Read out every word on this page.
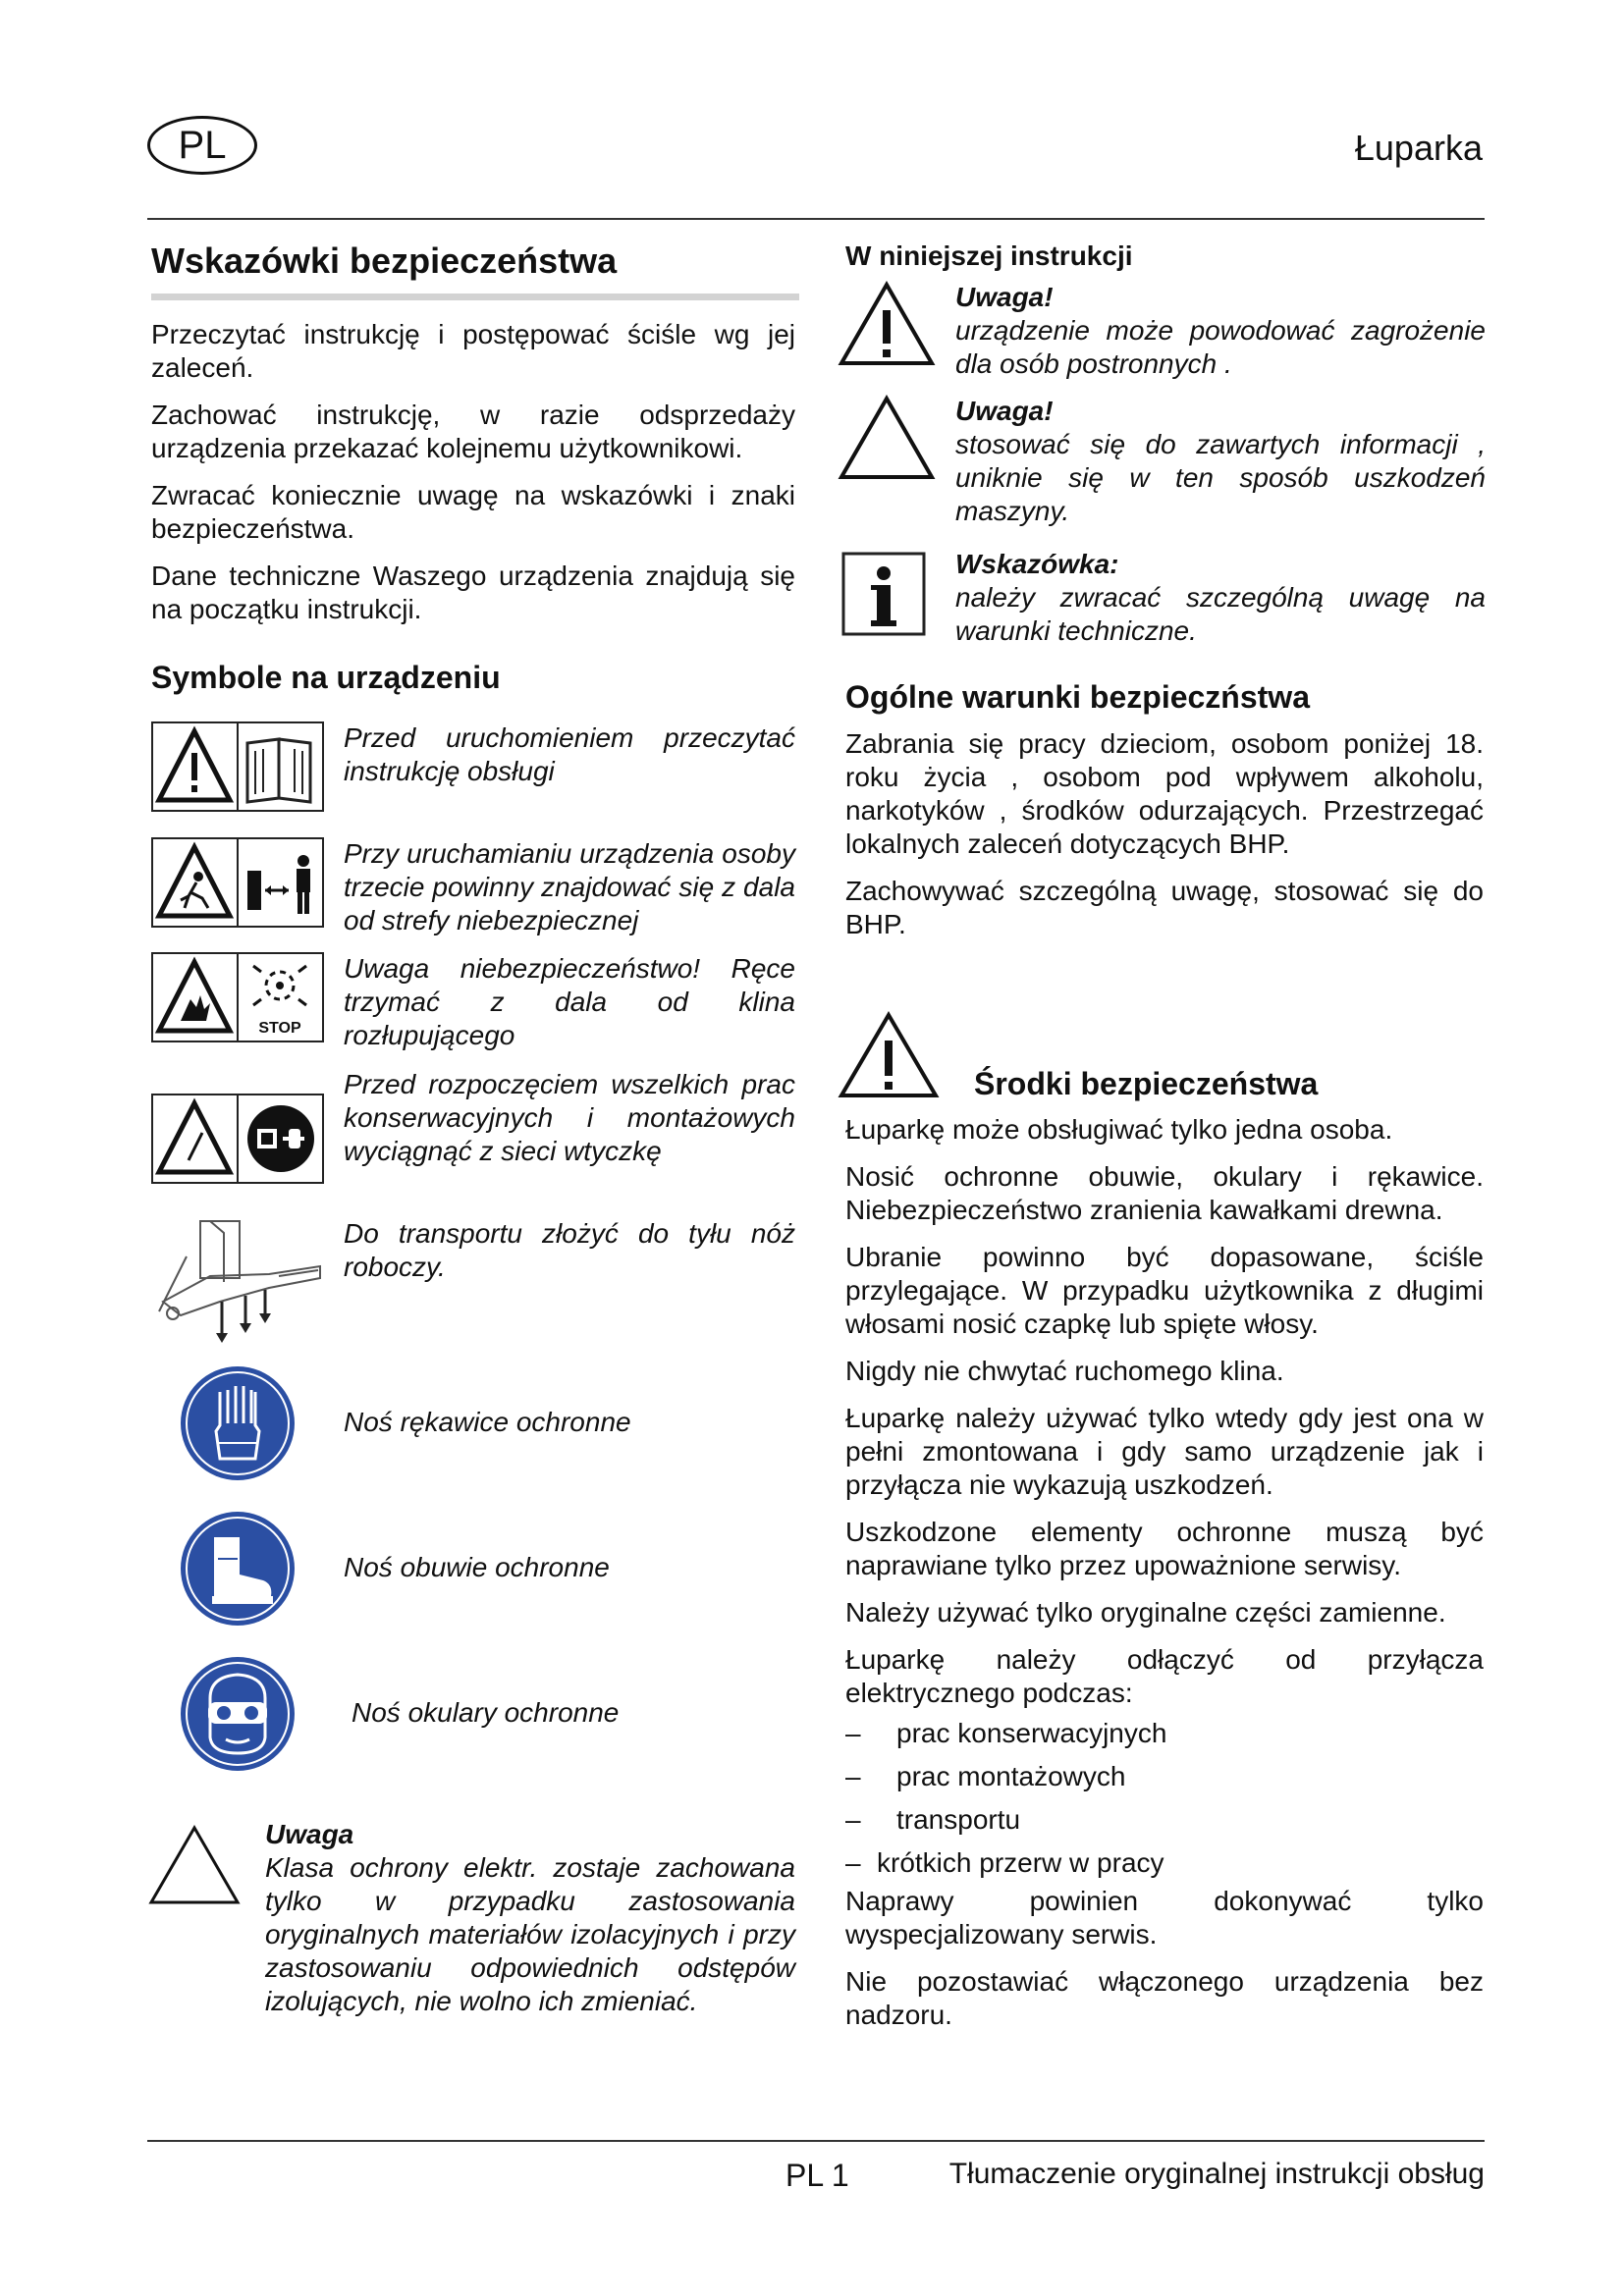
PL	Łuparka
Wskazówki bezpieczeństwa

Przeczytać instrukcję i postępować ściśle wg jej zaleceń.

Zachować instrukcję, w razie odsprzedaży urządzenia przekazać kolejnemu użytkownikowi.

Zwracać koniecznie uwagę na wskazówki i znaki bezpieczeństwa.

Dane techniczne Waszego urządzenia znajdują się na początku instrukcji.

Symbole na urządzeniu
Przed uruchomieniem przeczytać instrukcję obsługi
Przy uruchamianiu urządzenia osoby trzecie powinny znajdować się z dala od strefy niebezpiecznej
STOP
Uwaga niebezpieczeństwo! Ręce trzymać z dala od klina rozłupującego
Przed rozpoczęciem wszelkich prac konserwacyjnych i montażowych wyciągnąć z sieci wtyczkę
Do transportu złożyć do tyłu nóż roboczy.
Noś rękawice ochronne
Noś obuwie ochronne
Noś okulary ochronne
Uwaga
Klasa ochrony elektr. zostaje zachowana tylko w przypadku zastosowania oryginalnych materiałów izolacyjnych i przy zastosowaniu odpowiednich odstępów izolujących, nie wolno ich zmieniać.
W niniejszej instrukcji
Uwaga!
urządzenie może powodować zagrożenie dla osób postronnych .
Uwaga!
stosować się do zawartych informacji , uniknie się w ten sposób uszkodzeń maszyny.
Wskazówka:
należy zwracać szczególną uwagę na warunki techniczne.
Ogólne warunki bezpieczństwa

Zabrania się pracy dzieciom, osobom poniżej 18. roku życia , osobom pod wpływem alkoholu, narkotyków , środków odurzających. Przestrzegać lokalnych zaleceń dotyczących BHP.

Zachowywać szczególną uwagę, stosować się do BHP.

Środki bezpieczeństwa

Łuparkę może obsługiwać tylko jedna osoba.

Nosić ochronne obuwie, okulary i rękawice. Niebezpieczeństwo zranienia kawałkami drewna.

Ubranie powinno być dopasowane, ściśle przylegające. W przypadku użytkownika z długimi włosami nosić czapkę lub spięte włosy.

Nigdy nie chwytać ruchomego klina.

Łuparkę należy używać tylko wtedy gdy jest ona w pełni zmontowana i gdy samo urządzenie jak i przyłącza nie wykazują uszkodzeń.

Uszkodzone elementy ochronne muszą być naprawiane tylko przez upoważnione serwisy.

Należy używać tylko oryginalne części zamienne.

Łuparkę należy odłączyć od przyłącza elektrycznego podczas:

–	prac konserwacyjnych
–	prac montażowych
–	transportu
– krótkich przerw w pracy

Naprawy powinien dokonywać tylko wyspecjalizowany serwis.

Nie pozostawiać włączonego urządzenia bez nadzoru.

PL 1	Tłumaczenie oryginalnej instrukcji obsług
